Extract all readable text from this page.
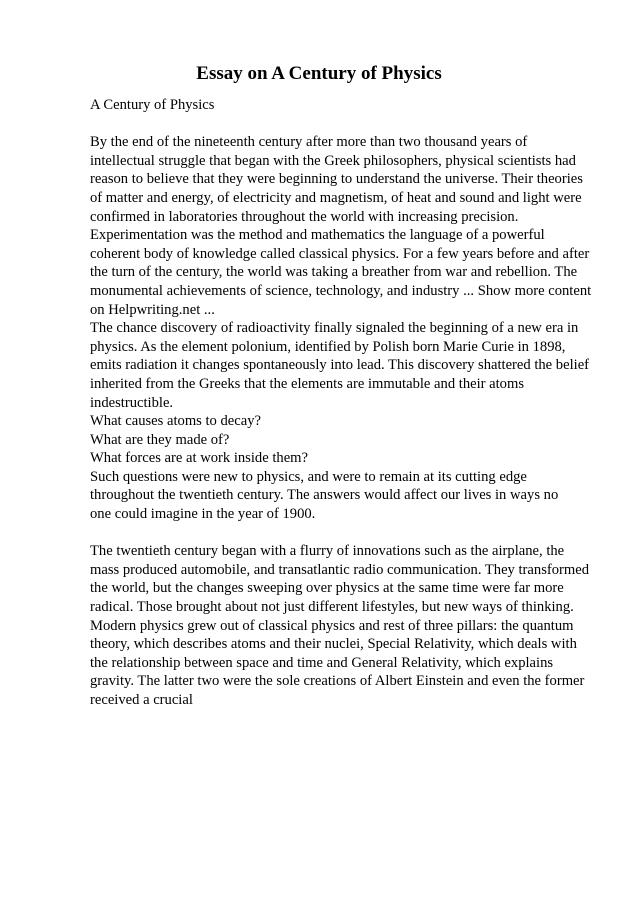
Essay on A Century of Physics
A Century of Physics
By the end of the nineteenth century after more than two thousand years of
intellectual struggle that began with the Greek philosophers, physical scientists had
reason to believe that they were beginning to understand the universe. Their theories
of matter and energy, of electricity and magnetism, of heat and sound and light were
confirmed in laboratories throughout the world with increasing precision.
Experimentation was the method and mathematics the language of a powerful
coherent body of knowledge called classical physics. For a few years before and after
the turn of the century, the world was taking a breather from war and rebellion. The
monumental achievements of science, technology, and industry ... Show more content
on Helpwriting.net ...
The chance discovery of radioactivity finally signaled the beginning of a new era in
physics. As the element polonium, identified by Polish born Marie Curie in 1898,
emits radiation it changes spontaneously into lead. This discovery shattered the belief
inherited from the Greeks that the elements are immutable and their atoms
indestructible.
What causes atoms to decay?
What are they made of?
What forces are at work inside them?
Such questions were new to physics, and were to remain at its cutting edge
throughout the twentieth century. The answers would affect our lives in ways no
one could imagine in the year of 1900.
The twentieth century began with a flurry of innovations such as the airplane, the
mass produced automobile, and transatlantic radio communication. They transformed
the world, but the changes sweeping over physics at the same time were far more
radical. Those brought about not just different lifestyles, but new ways of thinking.
Modern physics grew out of classical physics and rest of three pillars: the quantum
theory, which describes atoms and their nuclei, Special Relativity, which deals with
the relationship between space and time and General Relativity, which explains
gravity. The latter two were the sole creations of Albert Einstein and even the former
received a crucial
